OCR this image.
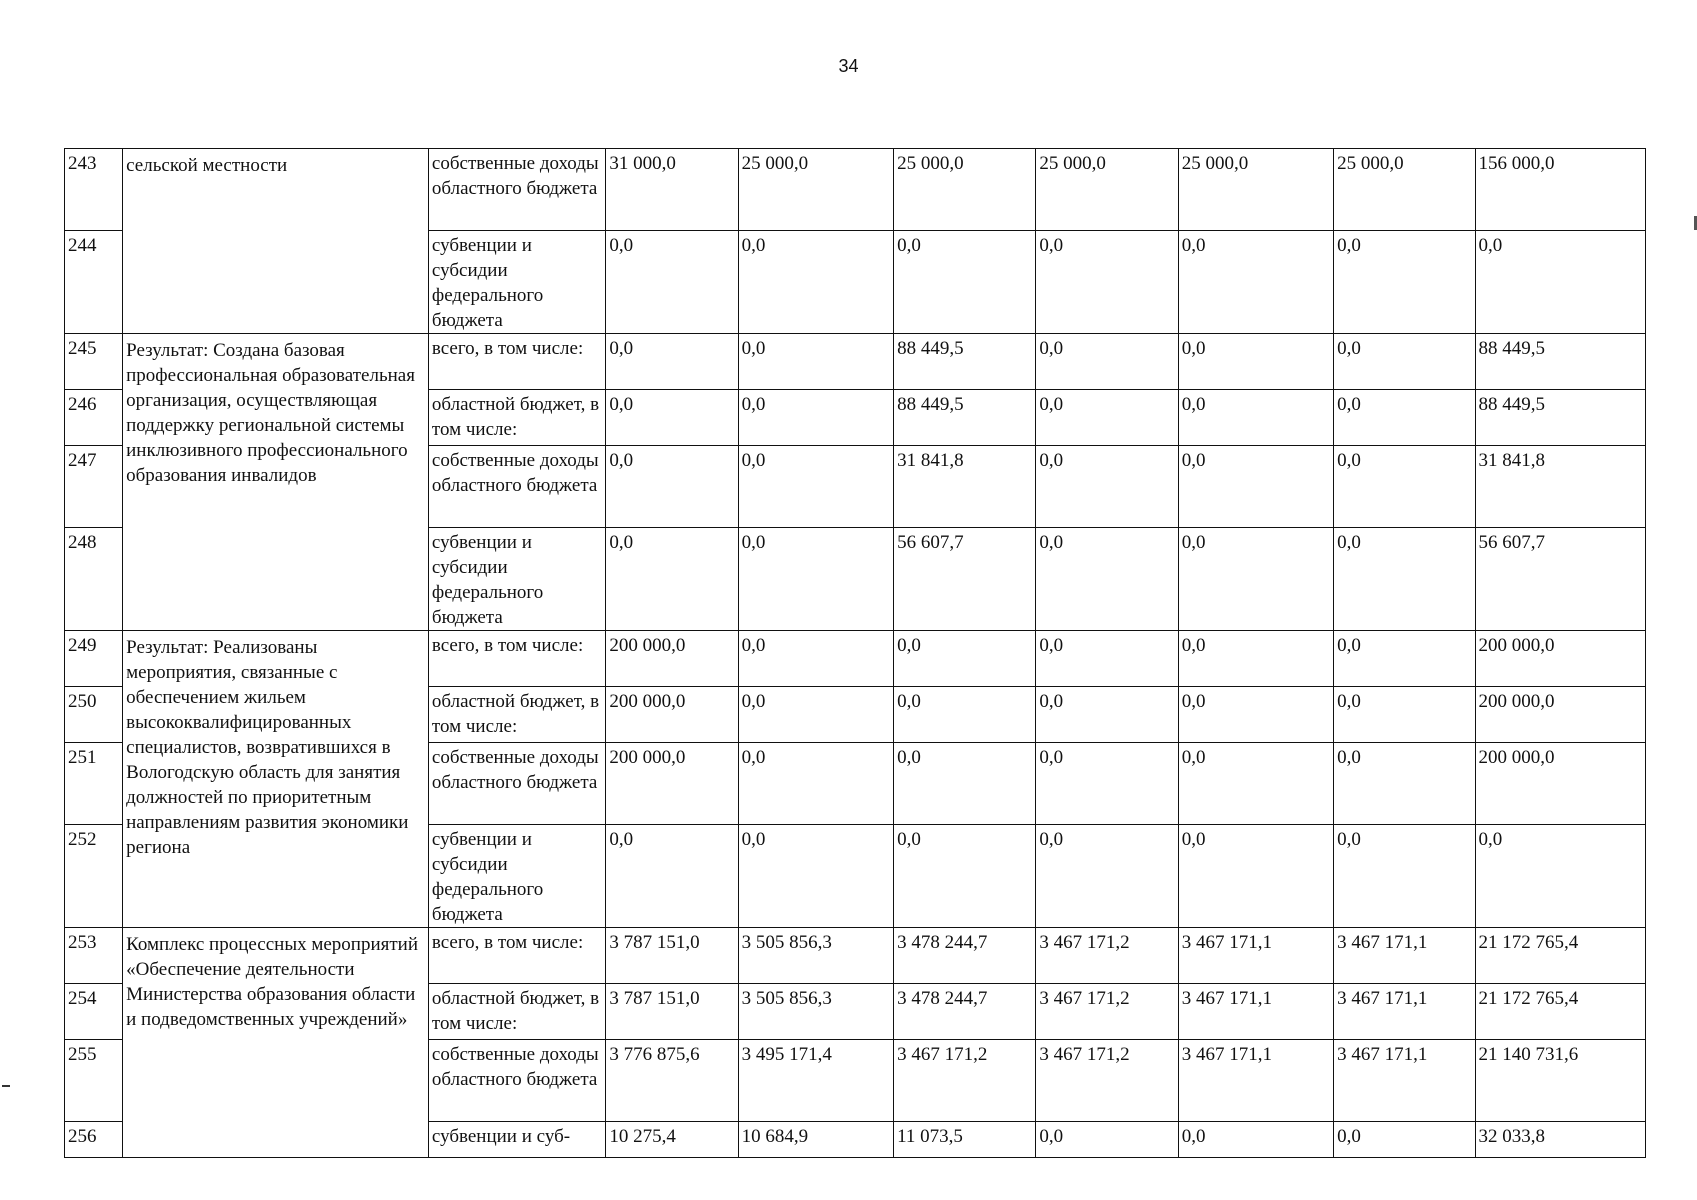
34
243	сельской местности	собственные доходы областного бюджета	31 000,0	25 000,0	25 000,0	25 000,0	25 000,0	25 000,0	156 000,0
244		субвенции и субсидии федерального бюджета	0,0	0,0	0,0	0,0	0,0	0,0	0,0
245	Результат: Создана базовая профессиональная образовательная организация, осуществляющая поддержку региональной системы инклюзивного профессионального образования инвалидов	всего, в том числе:	0,0	0,0	88 449,5	0,0	0,0	0,0	88 449,5
246		областной бюджет, в том числе:	0,0	0,0	88 449,5	0,0	0,0	0,0	88 449,5
247		собственные доходы областного бюджета	0,0	0,0	31 841,8	0,0	0,0	0,0	31 841,8
248		субвенции и субсидии федерального бюджета	0,0	0,0	56 607,7	0,0	0,0	0,0	56 607,7
249	Результат: Реализованы мероприятия, связанные с обеспечением жильем высококвалифицированных специалистов, возвратившихся в Вологодскую область для занятия должностей по приоритетным направлениям развития экономики региона	всего, в том числе:	200 000,0	0,0	0,0	0,0	0,0	0,0	200 000,0
250		областной бюджет, в том числе:	200 000,0	0,0	0,0	0,0	0,0	0,0	200 000,0
251		собственные доходы областного бюджета	200 000,0	0,0	0,0	0,0	0,0	0,0	200 000,0
252		субвенции и субсидии федерального бюджета	0,0	0,0	0,0	0,0	0,0	0,0	0,0
253	Комплекс процессных мероприятий «Обеспечение деятельности Министерства образования области и подведомственных учреждений»	всего, в том числе:	3 787 151,0	3 505 856,3	3 478 244,7	3 467 171,2	3 467 171,1	3 467 171,1	21 172 765,4
254		областной бюджет, в том числе:	3 787 151,0	3 505 856,3	3 478 244,7	3 467 171,2	3 467 171,1	3 467 171,1	21 172 765,4
255		собственные доходы областного бюджета	3 776 875,6	3 495 171,4	3 467 171,2	3 467 171,2	3 467 171,1	3 467 171,1	21 140 731,6
256		субвенции и суб-	10 275,4	10 684,9	11 073,5	0,0	0,0	0,0	32 033,8
